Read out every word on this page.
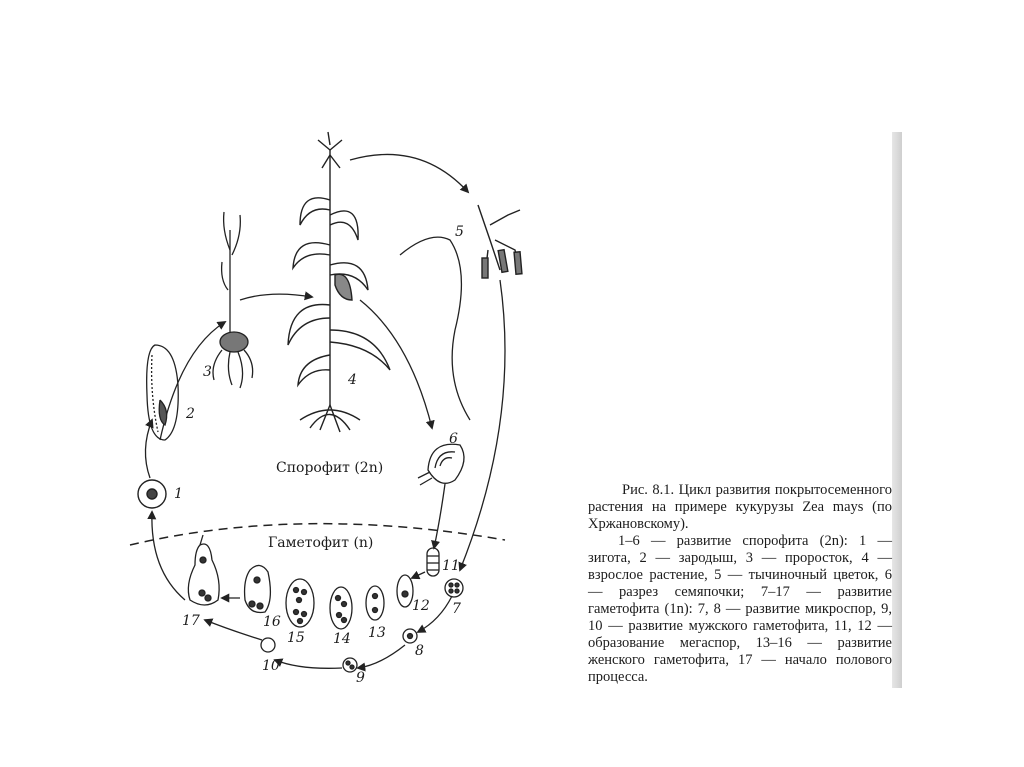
1
2
3	4
5
6
7
8
9
10
11
12
13
14
15
16
17
Спорофит (2n)
Гаметофит (n)

Рис. 8.1. Цикл развития покрытосеменного растения на примере кукурузы Zea mays (по Хржановскому).

1–6 — развитие спорофита (2n): 1 — зигота, 2 — зародыш, 3 — проросток, 4 — взрослое растение, 5 — тычиночный цветок, 6 — разрез семяпочки; 7–17 — развитие гаметофита (1n): 7, 8 — развитие микроспор, 9, 10 — развитие мужского гаметофита, 11, 12 — образование мегаспор, 13–16 — развитие женского гаметофита, 17 — начало полового процесса.
